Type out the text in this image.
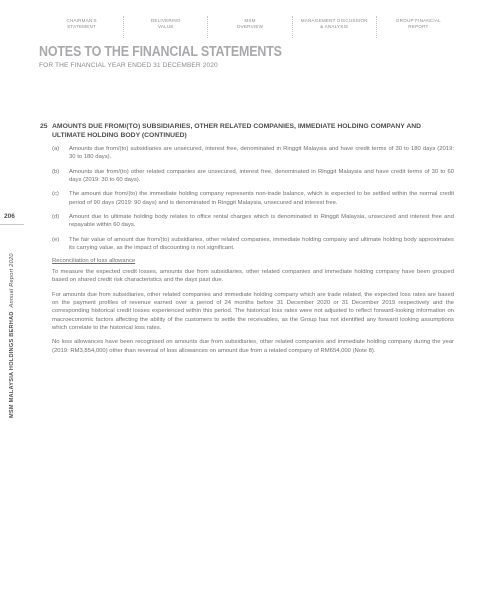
CHAIRMAN'S
STATEMENT
DELIVERING
VALUE
MSM
OVERVIEW
MANAGEMENT DISCUSSION
& ANALYSIS
GROUP FINANCIAL
REPORT
NOTES TO THE FINANCIAL STATEMENTS
FOR THE FINANCIAL YEAR ENDED 31 DECEMBER 2020
206
MSM MALAYSIA HOLDINGS BERHAD Annual Report 2020
25 AMOUNTS DUE FROM/(TO) SUBSIDIARIES, OTHER RELATED COMPANIES, IMMEDIATE HOLDING COMPANY AND ULTIMATE HOLDING BODY (CONTINUED)
(a)	Amounts due from/(to) subsidiaries are unsecured, interest free, denominated in Ringgit Malaysia and have credit terms of 30 to 180 days (2019: 30 to 180 days).
(b)	Amounts due from/(to) other related companies are unsecured, interest free, denominated in Ringgit Malaysia and have credit terms of 30 to 60 days (2019: 30 to 60 days).
(c)	The amount due from/(to) the immediate holding company represents non-trade balance, which is expected to be settled within the normal credit period of 90 days (2019: 90 days) and is denominated in Ringgit Malaysia, unsecured and interest free.
(d)	Amount due to ultimate holding body relates to office rental charges which is denominated in Ringgit Malaysia, unsecured and interest free and repayable within 60 days.
(e)	The fair value of amount due from/(to) subsidiaries, other related companies, immediate holding company and ultimate holding body approximates its carrying value, as the impact of discounting is not significant.
Reconciliation of loss allowance

To measure the expected credit losses, amounts due from subsidiaries, other related companies and immediate holding company have been grouped based on shared credit risk characteristics and the days past due.

For amounts due from subsidiaries, other related companies and immediate holding company which are trade related, the expected loss rates are based on the payment profiles of revenue earned over a period of 24 months before 31 December 2020 or 31 December 2019 respectively and the corresponding historical credit losses experienced within this period. The historical loss rates were not adjusted to reflect forward-looking information on macroeconomic factors affecting the ability of the customers to settle the receivables, as the Group has not identified any forward looking assumptions which correlate to the historical loss rates.

No loss allowances have been recognised on amounts due from subsidiaries, other related companies and immediate holding company during the year (2019: RM3,854,000) other than reversal of loss allowances on amount due from a related company of RM654,000 (Note 8).
